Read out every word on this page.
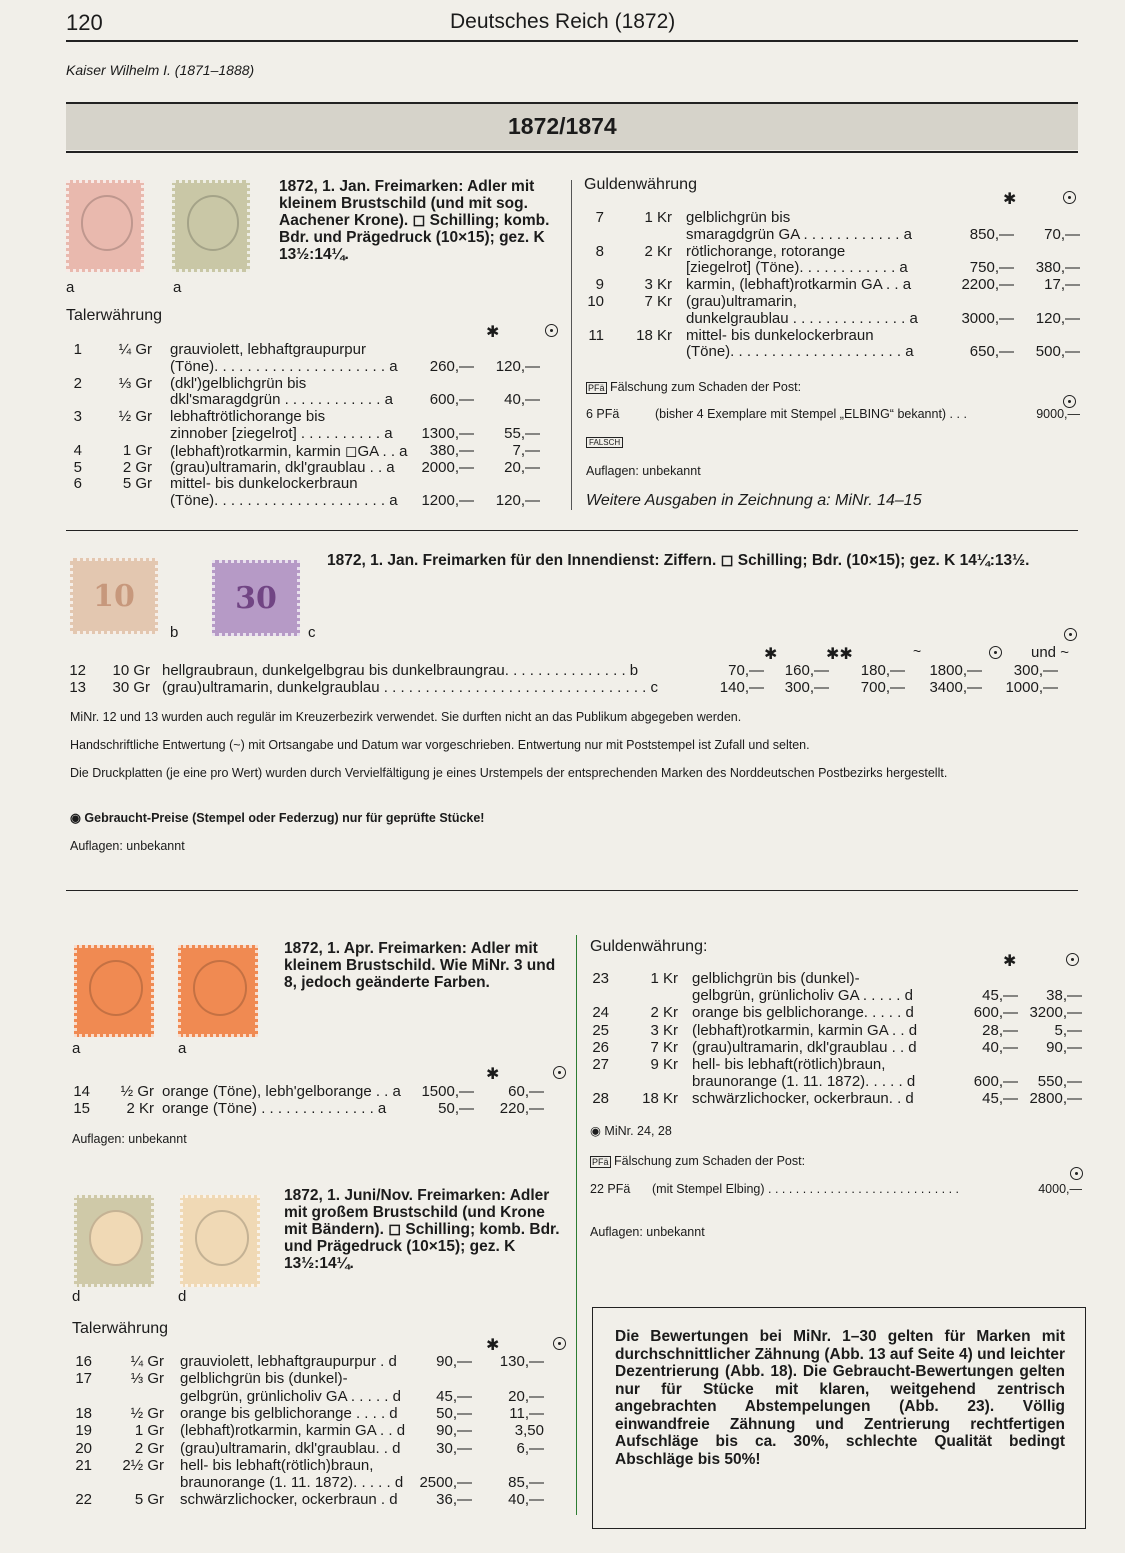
120	Deutsches Reich (1872)
Kaiser Wilhelm I. (1871–1888)
1872/1874
a	a
1872, 1. Jan. Freimarken: Adler mit kleinem Brustschild (und mit sog. Aachener Krone). ◻ Schilling; komb. Bdr. und Prägedruck (10×15); gez. K 13½:14¼.
Talerwährung
✱
1	¼ Gr grauviolett, lebhaftgraupurpur
(Töne). . . . . . . . . . . . . . . . . . . . . a	260,—	120,—
2	⅓ Gr (dkl')gelblichgrün bis
dkl'smaragdgrün . . . . . . . . . . . . a	600,—	40,—
3	½ Gr lebhaftrötlichorange bis
zinnober [ziegelrot] . . . . . . . . . . a	1300,—	55,—
4	1 Gr (lebhaft)rotkarmin, karmin ◻GA . . a	380,—	7,—
5	2 Gr (grau)ultramarin, dkl'graublau . . a	2000,—	20,—
6	5 Gr mittel- bis dunkelockerbraun
(Töne). . . . . . . . . . . . . . . . . . . . . a	1200,—	120,—
Guldenwährung
✱
7	1 Kr gelblichgrün bis
smaragdgrün GA . . . . . . . . . . . . a	850,—	70,—
8	2 Kr rötlichorange, rotorange
[ziegelrot] (Töne). . . . . . . . . . . . a	750,—	380,—
9	3 Kr karmin, (lebhaft)rotkarmin GA . . a	2200,—	17,—
10	7 Kr (grau)ultramarin,
dunkelgraublau . . . . . . . . . . . . . . a	3000,—	120,—
11	18 Kr mittel- bis dunkelockerbraun
(Töne). . . . . . . . . . . . . . . . . . . . . a	650,—	500,—
PFä Fälschung zum Schaden der Post:
6 PFä	(bisher 4 Exemplare mit Stempel „ELBING“ bekannt) . . .	9000,—
FALSCH
Auflagen: unbekannt
Weitere Ausgaben in Zeichnung a: MiNr. 14–15
10	30
b	c
1872, 1. Jan. Freimarken für den Innendienst: Ziffern. ◻ Schilling; Bdr. (10×15); gez. K 14¼:13½.
✱	✱✱	~	und ~
12	10 Gr hellgraubraun, dunkelgelbgrau bis dunkelbraungrau. . . . . . . . . . . . . . . b	70,—	160,—	180,—	1800,—	300,—
13	30 Gr (grau)ultramarin, dunkelgraublau . . . . . . . . . . . . . . . . . . . . . . . . . . . . . . . . c	140,—	300,—	700,—	3400,—	1000,—
MiNr. 12 und 13 wurden auch regulär im Kreuzerbezirk verwendet. Sie durften nicht an das Publikum abgegeben werden.
Handschriftliche Entwertung (~) mit Ortsangabe und Datum war vorgeschrieben. Entwertung nur mit Poststempel ist Zufall und selten.
Die Druckplatten (je eine pro Wert) wurden durch Vervielfältigung je eines Urstempels der entsprechenden Marken des Norddeutschen Postbezirks hergestellt.
◉ Gebraucht-Preise (Stempel oder Federzug) nur für geprüfte Stücke!
Auflagen: unbekannt
a	a
1872, 1. Apr. Freimarken: Adler mit kleinem Brustschild. Wie MiNr. 3 und 8, jedoch geänderte Farben.
✱
14	½ Gr orange (Töne), lebh'gelborange . . a	1500,—	60,—
15	2 Kr orange (Töne) . . . . . . . . . . . . . . a	50,—	220,—
Auflagen: unbekannt
d	d
1872, 1. Juni/Nov. Freimarken: Adler mit großem Brustschild (und Krone mit Bändern). ◻ Schilling; komb. Bdr. und Prägedruck (10×15); gez. K 13½:14¼.
Talerwährung
✱
16	¼ Gr grauviolett, lebhaftgraupurpur . d	90,—	130,—
17	⅓ Gr gelblichgrün bis (dunkel)-
gelbgrün, grünlicholiv GA . . . . . d	45,—	20,—
18	½ Gr orange bis gelblichorange . . . . d	50,—	11,—
19	1 Gr (lebhaft)rotkarmin, karmin GA . . d	90,—	3,50
20	2 Gr (grau)ultramarin, dkl'graublau. . d	30,—	6,—
21	2½ Gr hell- bis lebhaft(rötlich)braun,
braunorange (1. 11. 1872). . . . . d	2500,—	85,—
22	5 Gr schwärzlichocker, ockerbraun . d	36,—	40,—
Guldenwährung:
✱
23	1 Kr gelblichgrün bis (dunkel)-
gelbgrün, grünlicholiv GA . . . . . d	45,—	38,—
24	2 Kr orange bis gelblichorange. . . . . d	600,— 3200,—
25	3 Kr (lebhaft)rotkarmin, karmin GA . . d	28,—	5,—
26	7 Kr (grau)ultramarin, dkl'graublau . . d	40,—	90,—
27	9 Kr hell- bis lebhaft(rötlich)braun,
braunorange (1. 11. 1872). . . . . d	600,—	550,—
28	18 Kr schwärzlichocker, ockerbraun. . d	45,— 2800,—
◉ MiNr. 24, 28
PFä Fälschung zum Schaden der Post:
22 PFä (mit Stempel Elbing) . . . . . . . . . . . . . . . . . . . . . . . . . . . .	4000,—
Auflagen: unbekannt
Die Bewertungen bei MiNr. 1–30 gelten für Marken mit durchschnittlicher Zähnung (Abb. 13 auf Seite 4) und leichter Dezentrierung (Abb. 18). Die Gebraucht-Bewertungen gelten nur für Stücke mit klaren, weitgehend zentrisch angebrachten Abstempelungen (Abb. 23). Völlig einwandfreie Zähnung und Zentrierung rechtfertigen Aufschläge bis ca. 30%, schlechte Qualität bedingt Abschläge bis 50%!
